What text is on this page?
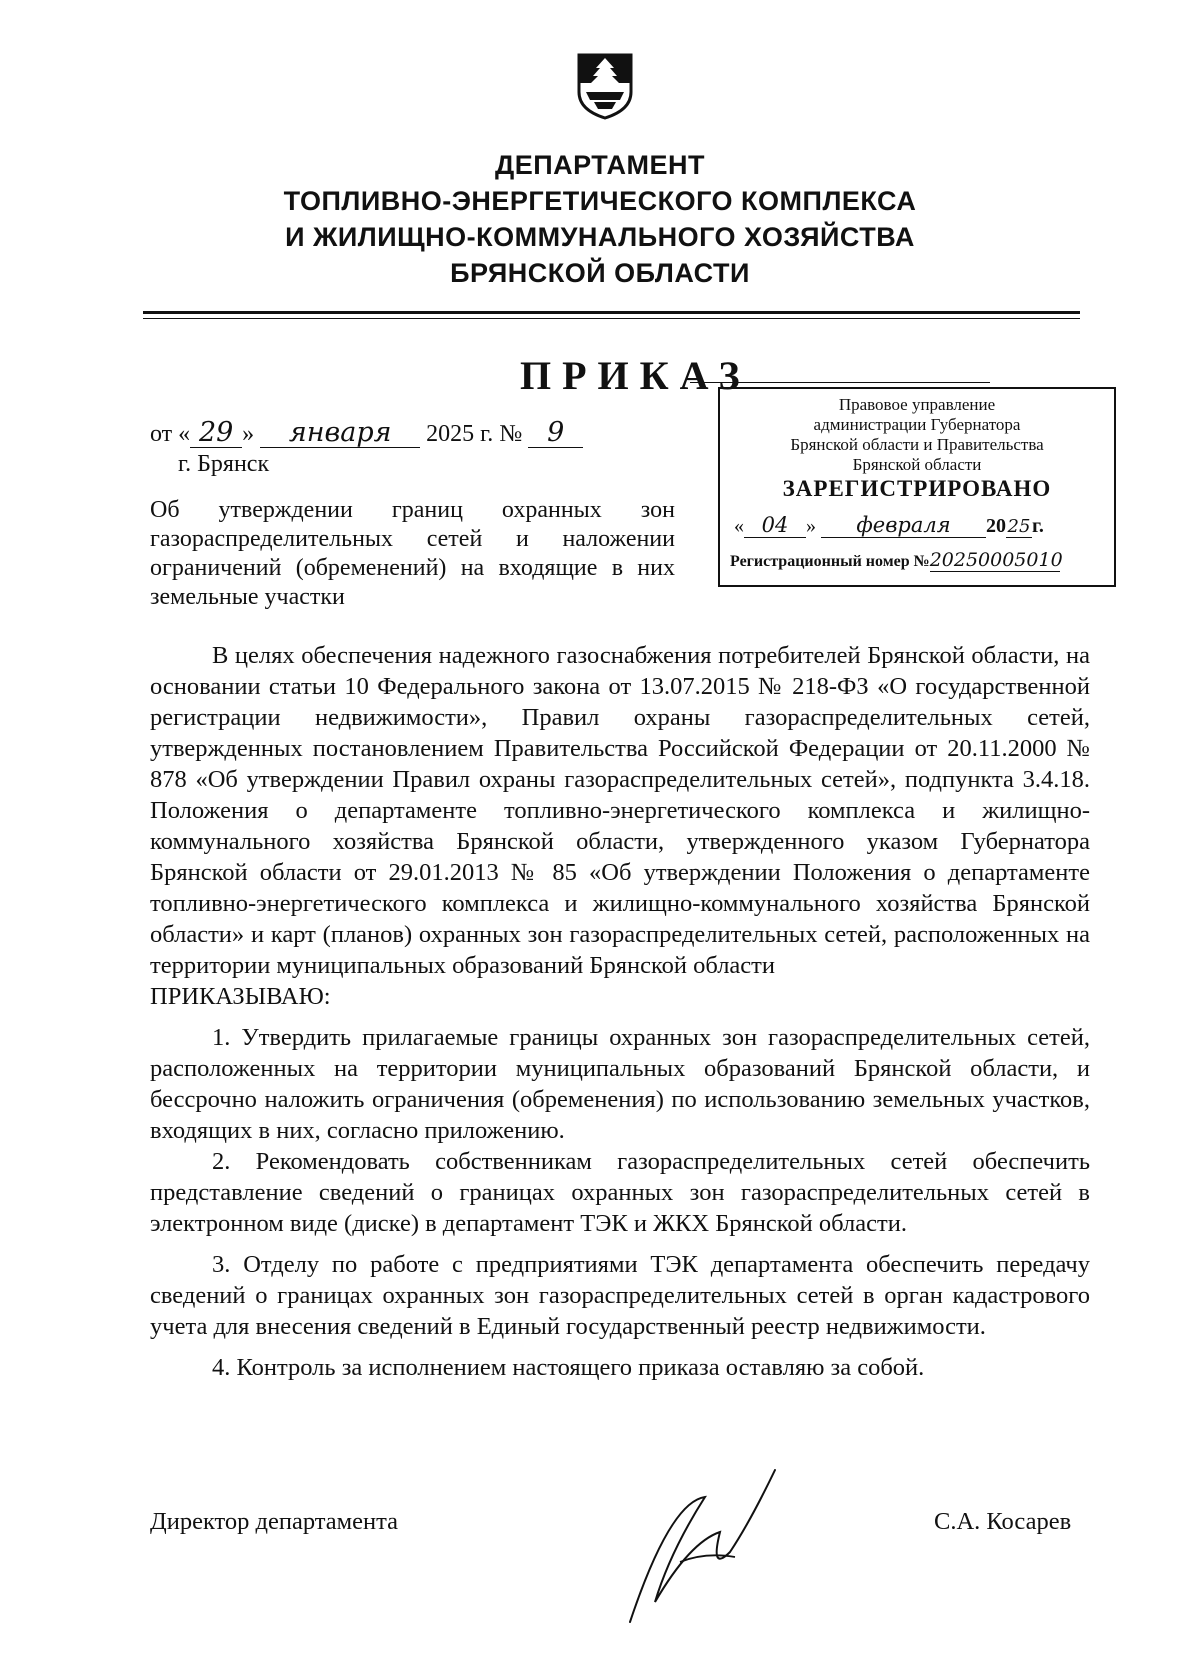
ДЕПАРТАМЕНТ
ТОПЛИВНО-ЭНЕРГЕТИЧЕСКОГО КОМПЛЕКСА
И ЖИЛИЩНО-КОММУНАЛЬНОГО ХОЗЯЙСТВА
БРЯНСКОЙ ОБЛАСТИ
ПРИКАЗ
от « 29 » января 2025 г. № 9
г. Брянск
Об утверждении границ охранных зон газораспределительных сетей и наложении ограничений (обременений) на входящие в них земельные участки
Правовое управление
администрации Губернатора
Брянской области и Правительства
Брянской области
ЗАРЕГИСТРИРОВАНО
« 04 » февраля 2025г.
Регистрационный номер №20250005010

В целях обеспечения надежного газоснабжения потребителей Брянской области, на основании статьи 10 Федерального закона от 13.07.2015 № 218-ФЗ «О государственной регистрации недвижимости», Правил охраны газораспределительных сетей, утвержденных постановлением Правительства Российской Федерации от 20.11.2000 № 878 «Об утверждении Правил охраны газораспределительных сетей», подпункта 3.4.18. Положения о департаменте топливно-энергетического комплекса и жилищно-коммунального хозяйства Брянской области, утвержденного указом Губернатора Брянской области от 29.01.2013 № 85 «Об утверждении Положения о департаменте топливно-энергетического комплекса и жилищно-коммунального хозяйства Брянской области» и карт (планов) охранных зон газораспределительных сетей, расположенных на территории муниципальных образований Брянской области

ПРИКАЗЫВАЮ:

1. Утвердить прилагаемые границы охранных зон газораспределительных сетей, расположенных на территории муниципальных образований Брянской области, и бессрочно наложить ограничения (обременения) по использованию земельных участков, входящих в них, согласно приложению.

2. Рекомендовать собственникам газораспределительных сетей обеспечить представление сведений о границах охранных зон газораспределительных сетей в электронном виде (диске) в департамент ТЭК и ЖКХ Брянской области.

3. Отделу по работе с предприятиями ТЭК департамента обеспечить передачу сведений о границах охранных зон газораспределительных сетей в орган кадастрового учета для внесения сведений в Единый государственный реестр недвижимости.

4. Контроль за исполнением настоящего приказа оставляю за собой.

Директор департамента	С.А. Косарев
